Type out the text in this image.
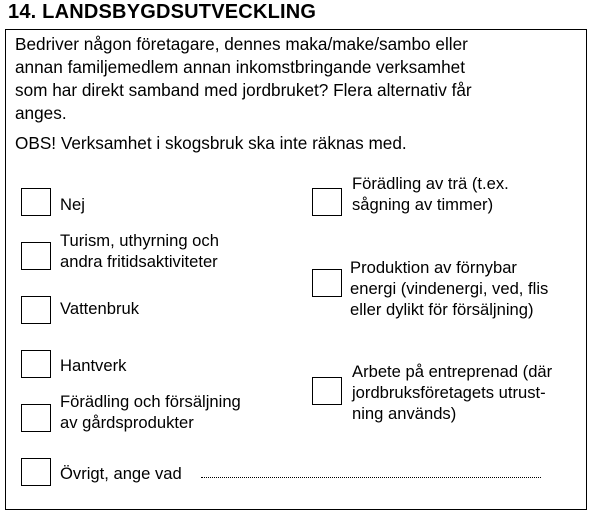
14. LANDSBYGDSUTVECKLING
Bedriver någon företagare, dennes maka/make/sambo eller
annan familjemedlem annan inkomstbringande verksamhet
som har direkt samband med jordbruket? Flera alternativ får
anges.
OBS! Verksamhet i skogsbruk ska inte räknas med.
Nej
Turism, uthyrning och
andra fritidsaktiviteter
Vattenbruk
Hantverk
Förädling och försäljning
av gårdsprodukter
Övrigt, ange vad
Förädling av trä (t.ex.
sågning av timmer)
Produktion av förnybar
energi (vindenergi, ved, flis
eller dylikt för försäljning)
Arbete på entreprenad (där
jordbruksföretagets utrust-
ning används)
